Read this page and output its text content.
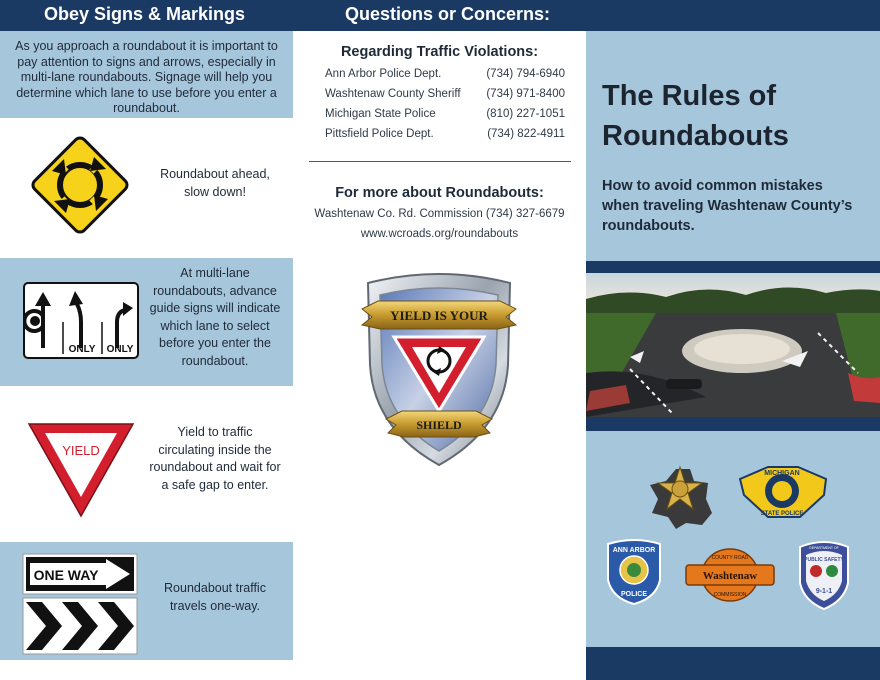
Obey Signs & Markings	Questions or Concerns:
As you approach a roundabout it is important to pay attention to signs and arrows, especially in multi-lane roundabouts. Signage will help you determine which lane to use before you enter a roundabout.
Roundabout ahead,
slow down!
ONLY ONLY
At multi-lane
roundabouts, advance
guide signs will indicate
which lane to select
before you enter the
roundabout.
YIELD
Yield to traffic
circulating inside the
roundabout and wait for
a safe gap to enter.
ONE WAY
Roundabout traffic
travels one-way.
Regarding Traffic Violations:
Ann Arbor Police Dept.	(734) 794-6940
Washtenaw County Sheriff (734) 971-8400
Michigan State Police	(810) 227-1051
Pittsfield Police Dept.	(734) 822-4911
For more about Roundabouts:
Washtenaw Co. Rd. Commission (734) 327-6679
www.wcroads.org/roundabouts
YIELD IS YOUR
SHIELD
The Rules of
Roundabouts
How to avoid common mistakes
when traveling Washtenaw County’s
roundabouts.
MICHIGAN
STATE POLICE
ANN ARBOR
POLICE
Washtenaw
COUNTY ROAD
COMMISSION
DEPARTMENT OF
PUBLIC SAFETY
9-1-1
